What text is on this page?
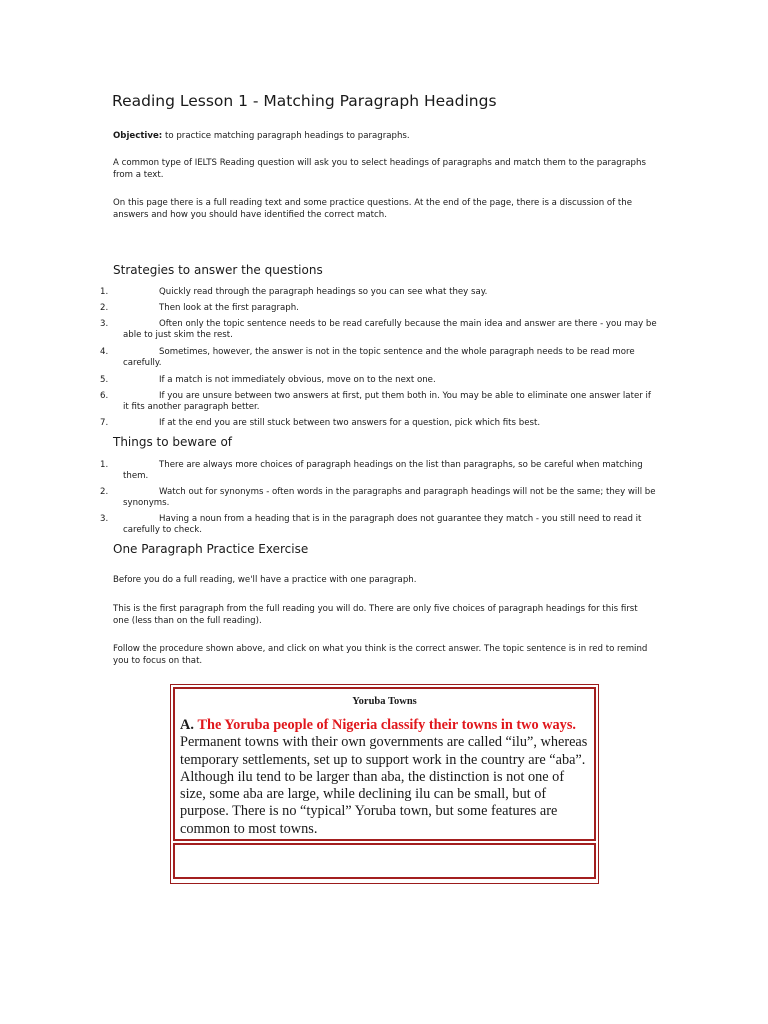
Reading Lesson 1 - Matching Paragraph Headings

Objective: to practice matching paragraph headings to paragraphs.

A common type of IELTS Reading question will ask you to select headings of paragraphs and match them to the paragraphs from a text.

On this page there is a full reading text and some practice questions. At the end of the page, there is a discussion of the answers and how you should have identified the correct match.

Strategies to answer the questions
1.	Quickly read through the paragraph headings so you can see what they say.
2.	Then look at the first paragraph.
3.	Often only the topic sentence needs to be read carefully because the main idea and answer are there - you may be able to just skim the rest.
4.	Sometimes, however, the answer is not in the topic sentence and the whole paragraph needs to be read more carefully.
5.	If a match is not immediately obvious, move on to the next one.
6.	If you are unsure between two answers at first, put them both in. You may be able to eliminate one answer later if it fits another paragraph better.
7.	If at the end you are still stuck between two answers for a question, pick which fits best.
Things to beware of
1.	There are always more choices of paragraph headings on the list than paragraphs, so be careful when matching them.
2.	Watch out for synonyms - often words in the paragraphs and paragraph headings will not be the same; they will be synonyms.
3.	Having a noun from a heading that is in the paragraph does not guarantee they match - you still need to read it carefully to check.
One Paragraph Practice Exercise

Before you do a full reading, we'll have a practice with one paragraph.

This is the first paragraph from the full reading you will do. There are only five choices of paragraph headings for this first one (less than on the full reading).

Follow the procedure shown above, and click on what you think is the correct answer. The topic sentence is in red to remind you to focus on that.

Yoruba Towns

A. The Yoruba people of Nigeria classify their towns in two ways. Permanent towns with their own governments are called “ilu”, whereas temporary settlements, set up to support work in the country are “aba”. Although ilu tend to be larger than aba, the distinction is not one of size, some aba are large, while declining ilu can be small, but of purpose. There is no “typical” Yoruba town, but some features are common to most towns.
